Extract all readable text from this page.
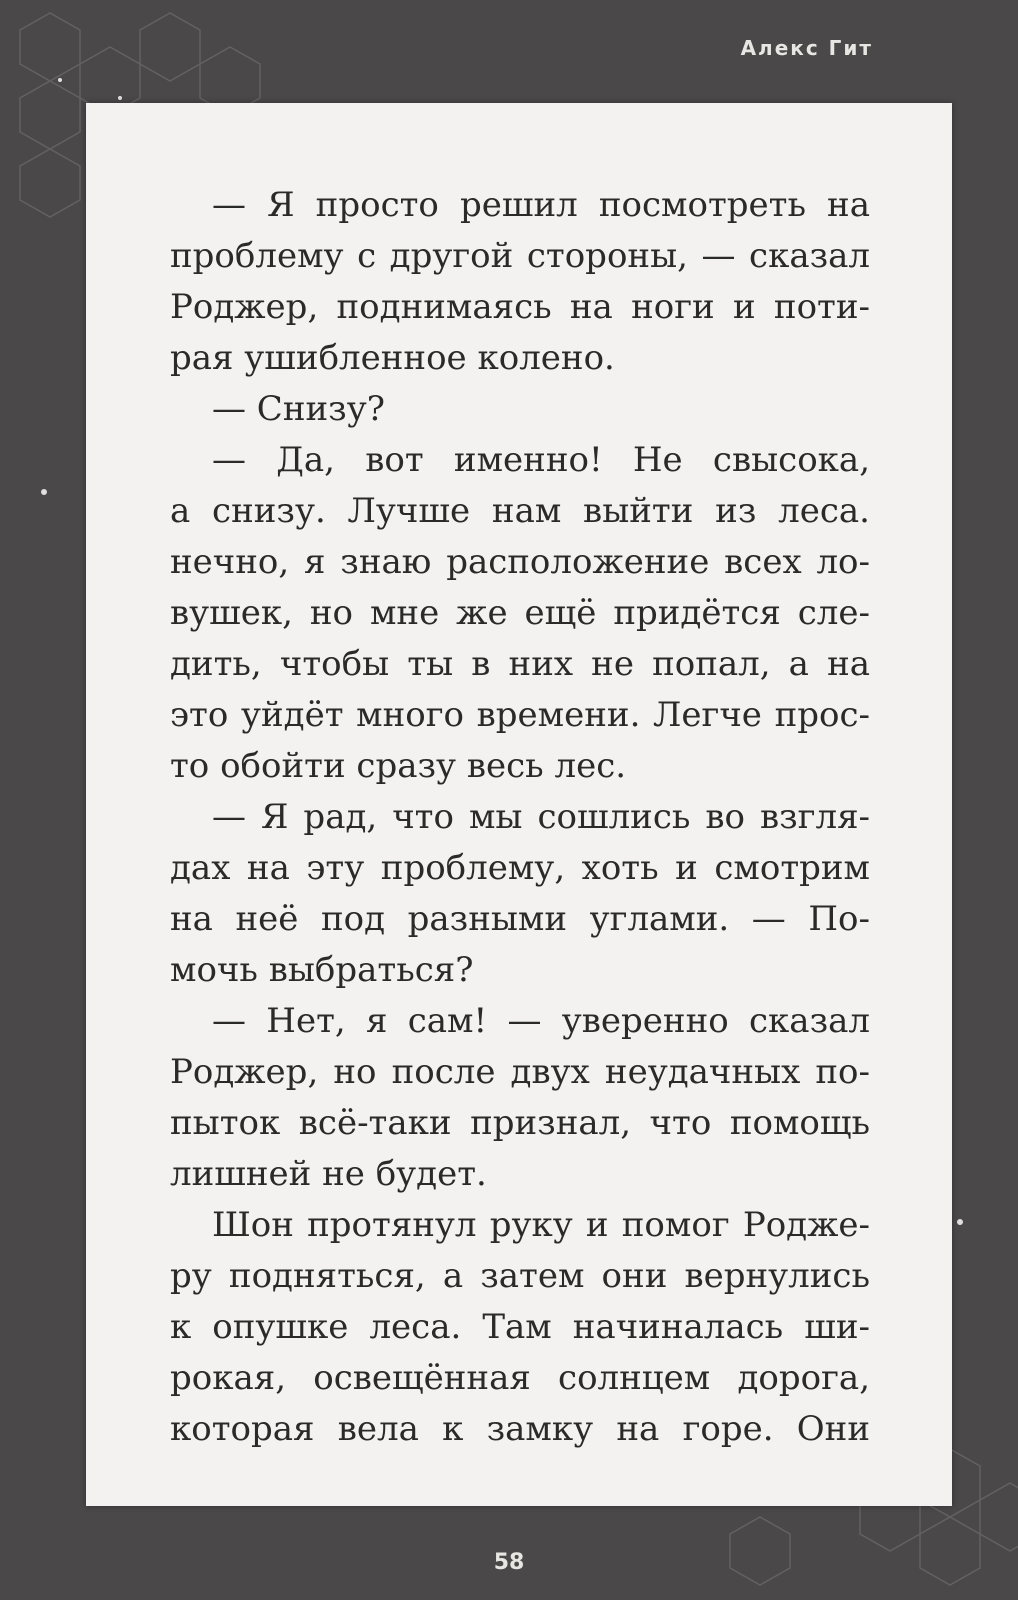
Алекс Гит
— Я просто решил посмотреть на
проблему с другой стороны, — сказал
Роджер, поднимаясь на ноги и поти-
рая ушибленное колено.
— Снизу?
— Да, вот именно! Не свысока,
а снизу. Лучше нам выйти из леса.
нечно, я знаю расположение всех ло-
вушек, но мне же ещё придётся сле-
дить, чтобы ты в них не попал, а на
это уйдёт много времени. Легче прос-
то обойти сразу весь лес.
— Я рад, что мы сошлись во взгля-
дах на эту проблему, хоть и смотрим
на неё под разными углами. — По-
мочь выбраться?
— Нет, я сам! — уверенно сказал
Роджер, но после двух неудачных по-
пыток всё-таки признал, что помощь
лишней не будет.
Шон протянул руку и помог Родже-
ру подняться, а затем они вернулись
к опушке леса. Там начиналась ши-
рокая, освещённая солнцем дорога,
которая вела к замку на горе. Они
58
